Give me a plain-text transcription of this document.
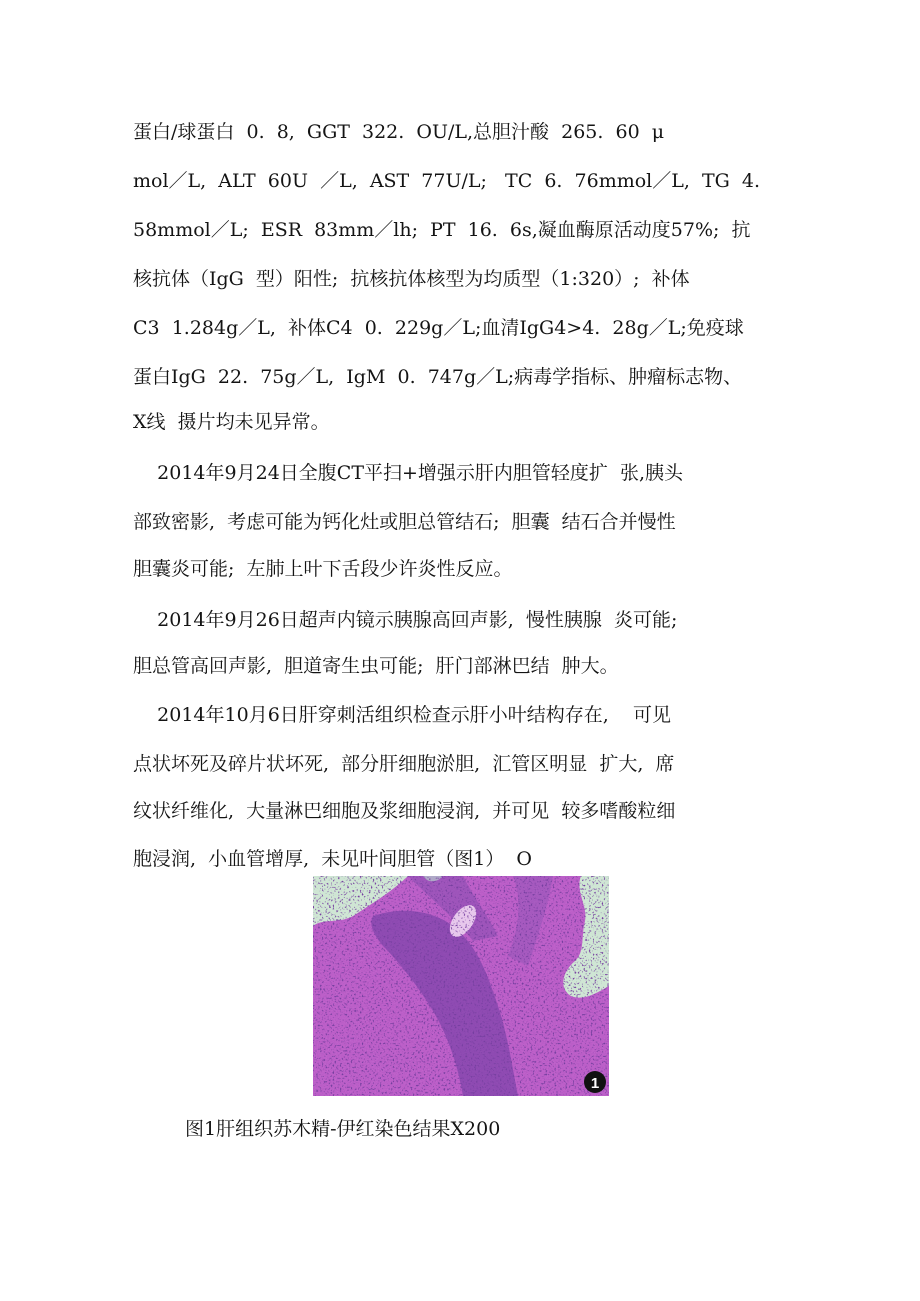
蛋白/球蛋白  0.  8,  GGT  322.  OU/L,总胆汁酸  265.  60  μ
mol／L,  ALT  60U  ／L,  AST  77U/L;   TC  6.  76mmol／L,  TG  4.
58mmol／L;  ESR  83mm／lh;  PT  16.  6s,凝血酶原活动度57%;  抗
核抗体（IgG  型）阳性;  抗核抗体核型为均质型（1:320）;  补体
C3  1.284g／L,  补体C4  0.  229g／L;血清IgG4>4.  28g／L;免疫球
蛋白IgG  22.  75g／L,  IgM  0.  747g／L;病毒学指标、肿瘤标志物、
X线  摄片均未见异常。
2014年9月24日全腹CT平扫+增强示肝内胆管轻度扩  张,胰头
部致密影,  考虑可能为钙化灶或胆总管结石;  胆囊  结石合并慢性
胆囊炎可能;  左肺上叶下舌段少许炎性反应。
2014年9月26日超声内镜示胰腺高回声影,  慢性胰腺  炎可能;
胆总管高回声影,  胆道寄生虫可能;  肝门部淋巴结  肿大。
2014年10月6日肝穿刺活组织检查示肝小叶结构存在,    可见
点状坏死及碎片状坏死,  部分肝细胞淤胆,  汇管区明显  扩大,  席
纹状纤维化,  大量淋巴细胞及浆细胞浸润,  并可见  较多嗜酸粒细
胞浸润,  小血管增厚,  未见叶间胆管（图1）  O
1
图1肝组织苏木精-伊红染色结果X200
